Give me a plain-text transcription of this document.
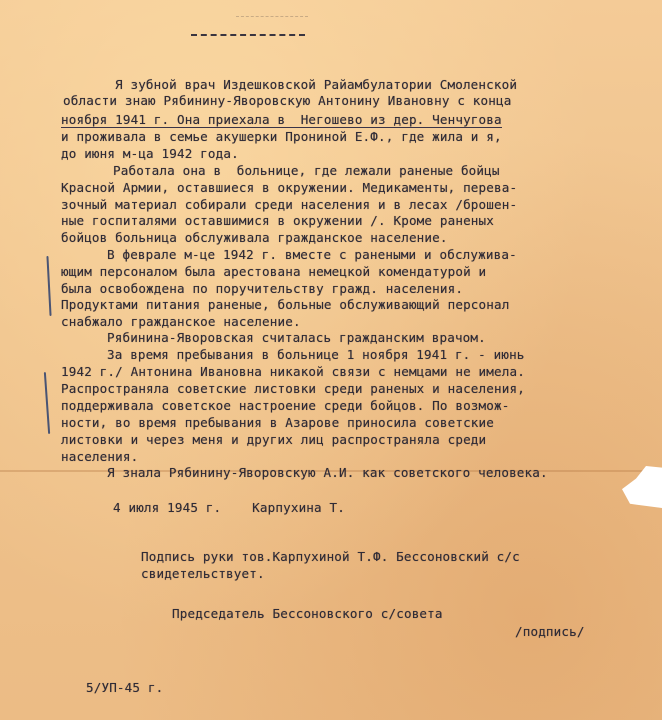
Я зубной врач Издешковской Райамбулатории Смоленской
области знаю Рябинину-Яворовскую Антонину Ивановну с конца
ноября 1941 г. Она приехала в  Негошево из дер. Ченчугова
и проживала в семье акушерки Прониной Е.Ф., где жила и я,
до июня м-ца 1942 года.
Работала она в  больнице, где лежали раненые бойцы
Красной Армии, оставшиеся в окружении. Медикаменты, перева-
зочный материал собирали среди населения и в лесах /брошен-
ные госпиталями оставшимися в окружении /. Кроме раненых
бойцов больница обслуживала гражданское население.
В феврале м-це 1942 г. вместе с ранеными и обслужива-
ющим персоналом была арестована немецкой комендатурой и
была освобождена по поручительству гражд. населения.
Продуктами питания раненые, больные обслуживающий персонал
снабжало гражданское население.
Рябинина-Яворовская считалась гражданским врачом.
За время пребывания в больнице 1 ноября 1941 г. - июнь
1942 г./ Антонина Ивановна никакой связи с немцами не имела.
Распространяла советские листовки среди раненых и населения,
поддерживала советское настроение среди бойцов. По возмож-
ности, во время пребывания в Азарове приносила советские
листовки и через меня и других лиц распространяла среди
населения.
Я знала Рябинину-Яворовскую А.И. как советского человека.
4 июля 1945 г.    Карпухина Т.
Подпись руки тов.Карпухиной Т.Ф. Бессоновский с/с
свидетельствует.
Председатель Бессоновского с/совета
/подпись/
5/УП-45 г.
